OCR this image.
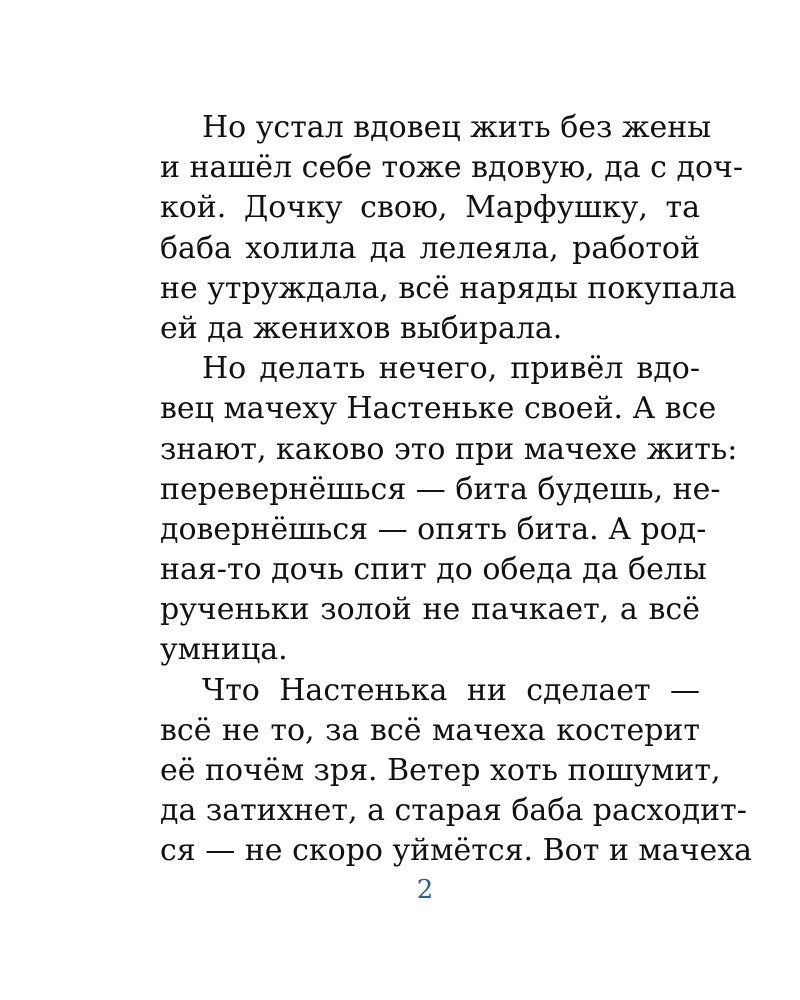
Но устал вдовец жить без жены
и нашёл себе тоже вдовую, да с доч-
кой. Дочку свою, Марфушку, та
баба холила да лелеяла, работой
не утруждала, всё наряды покупала
ей да женихов выбирала.
Но делать нечего, привёл вдо-
вец мачеху Настеньке своей. А все
знают, каково это при мачехе жить:
перевернёшься — бита будешь, не-
довернёшься — опять бита. А род-
ная-то дочь спит до обеда да белы
рученьки золой не пачкает, а всё
умница.
Что Настенька ни сделает —
всё не то, за всё мачеха костерит
её почём зря. Ветер хоть пошумит,
да затихнет, а старая баба расходит-
ся — не скоро уймётся. Вот и мачеха
2
